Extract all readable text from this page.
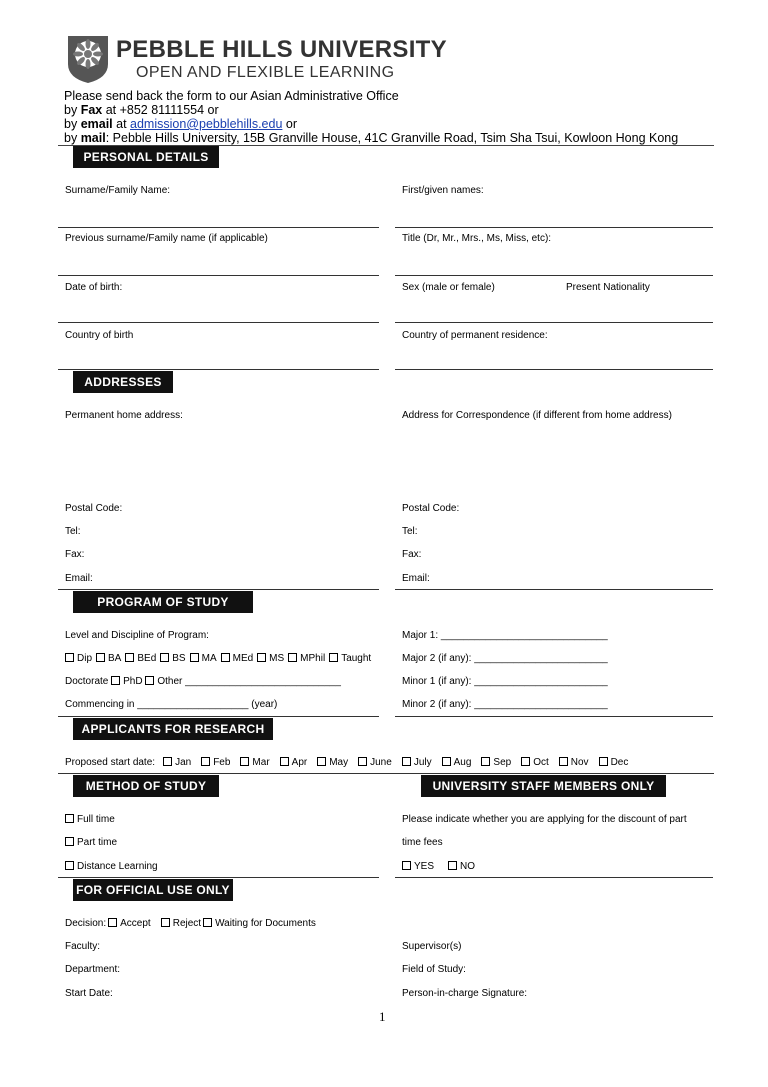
PEBBLE HILLS UNIVERSITY
OPEN AND FLEXIBLE LEARNING
Please send back the form to our Asian Administrative Office
by Fax at +852 81111554 or
by email at admission@pebblehills.edu or
by mail: Pebble Hills University, 15B Granville House, 41C Granville Road, Tsim Sha Tsui, Kowloon Hong Kong
PERSONAL DETAILS
Surname/Family Name:	First/given names:
Previous surname/Family name (if applicable)	Title (Dr, Mr., Mrs., Ms, Miss, etc):
Date of birth:	Sex (male or female)	Present Nationality
Country of birth	Country of permanent residence:
ADDRESSES
Permanent home address:	Address for Correspondence (if different from home address)
Postal Code:	Postal Code:
Tel:	Tel:
Fax:	Fax:
Email:	Email:
PROGRAM OF STUDY
Level and Discipline of Program:	Major 1: ______________________________
Dip BA BEd BS MA MEd MS MPhil Taught	Major 2 (if any): ________________________
Doctorate PhD Other ____________________________	Minor 1 (if any): ________________________
Commencing in ____________________ (year)	Minor 2 (if any): ________________________
APPLICANTS FOR RESEARCH
Proposed start date: Jan Feb Mar Apr May June July Aug Sep Oct Nov Dec
METHOD OF STUDY	UNIVERSITY STAFF MEMBERS ONLY
Full time
Part time
Distance Learning
Please indicate whether you are applying for the discount of part
time fees
YES	NO
FOR OFFICIAL USE ONLY
Decision: Accept Reject Waiting for Documents
Faculty:	Supervisor(s)
Department:	Field of Study:
Start Date:	Person-in-charge Signature:
1
